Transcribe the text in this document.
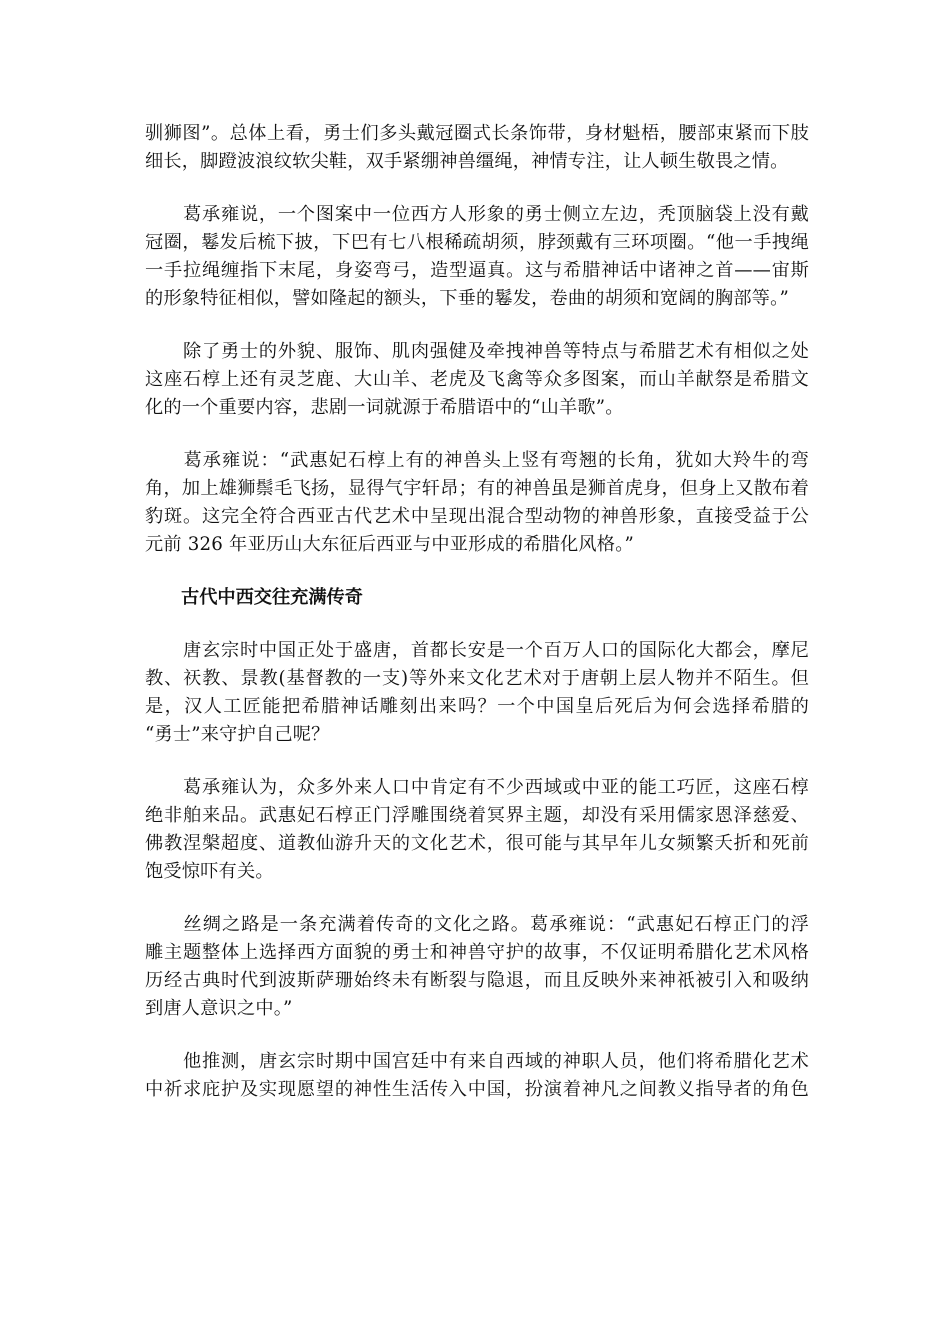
驯狮图”。总体上看，勇士们多头戴冠圈式长条饰带，身材魁梧，腰部束紧而下肢
细长，脚蹬波浪纹软尖鞋，双手紧绷神兽缰绳，神情专注，让人顿生敬畏之情。

　　葛承雍说，一个图案中一位西方人形象的勇士侧立左边，秃顶脑袋上没有戴
冠圈，鬈发后梳下披，下巴有七八根稀疏胡须，脖颈戴有三环项圈。“他一手拽绳
一手拉绳缠指下末尾，身姿弯弓，造型逼真。这与希腊神话中诸神之首——宙斯
的形象特征相似，譬如隆起的额头，下垂的鬈发，卷曲的胡须和宽阔的胸部等。”

　　除了勇士的外貌、服饰、肌肉强健及牵拽神兽等特点与希腊艺术有相似之处
这座石椁上还有灵芝鹿、大山羊、老虎及飞禽等众多图案，而山羊献祭是希腊文
化的一个重要内容，悲剧一词就源于希腊语中的“山羊歌”。

　　葛承雍说：“武惠妃石椁上有的神兽头上竖有弯翘的长角，犹如大羚牛的弯
角，加上雄狮鬃毛飞扬，显得气宇轩昂；有的神兽虽是狮首虎身，但身上又散布着
豹斑。这完全符合西亚古代艺术中呈现出混合型动物的神兽形象，直接受益于公
元前 326 年亚历山大东征后西亚与中亚形成的希腊化风格。”

古代中西交往充满传奇

　　唐玄宗时中国正处于盛唐，首都长安是一个百万人口的国际化大都会，摩尼
教、祆教、景教(基督教的一支)等外来文化艺术对于唐朝上层人物并不陌生。但
是，汉人工匠能把希腊神话雕刻出来吗？一个中国皇后死后为何会选择希腊的
“勇士”来守护自己呢？

　　葛承雍认为，众多外来人口中肯定有不少西域或中亚的能工巧匠，这座石椁
绝非舶来品。武惠妃石椁正门浮雕围绕着冥界主题，却没有采用儒家恩泽慈爱、
佛教涅槃超度、道教仙游升天的文化艺术，很可能与其早年儿女频繁夭折和死前
饱受惊吓有关。

　　丝绸之路是一条充满着传奇的文化之路。葛承雍说：“武惠妃石椁正门的浮
雕主题整体上选择西方面貌的勇士和神兽守护的故事，不仅证明希腊化艺术风格
历经古典时代到波斯萨珊始终未有断裂与隐退，而且反映外来神祇被引入和吸纳
到唐人意识之中。”

　　他推测，唐玄宗时期中国宫廷中有来自西域的神职人员，他们将希腊化艺术
中祈求庇护及实现愿望的神性生活传入中国，扮演着神凡之间教义指导者的角色
